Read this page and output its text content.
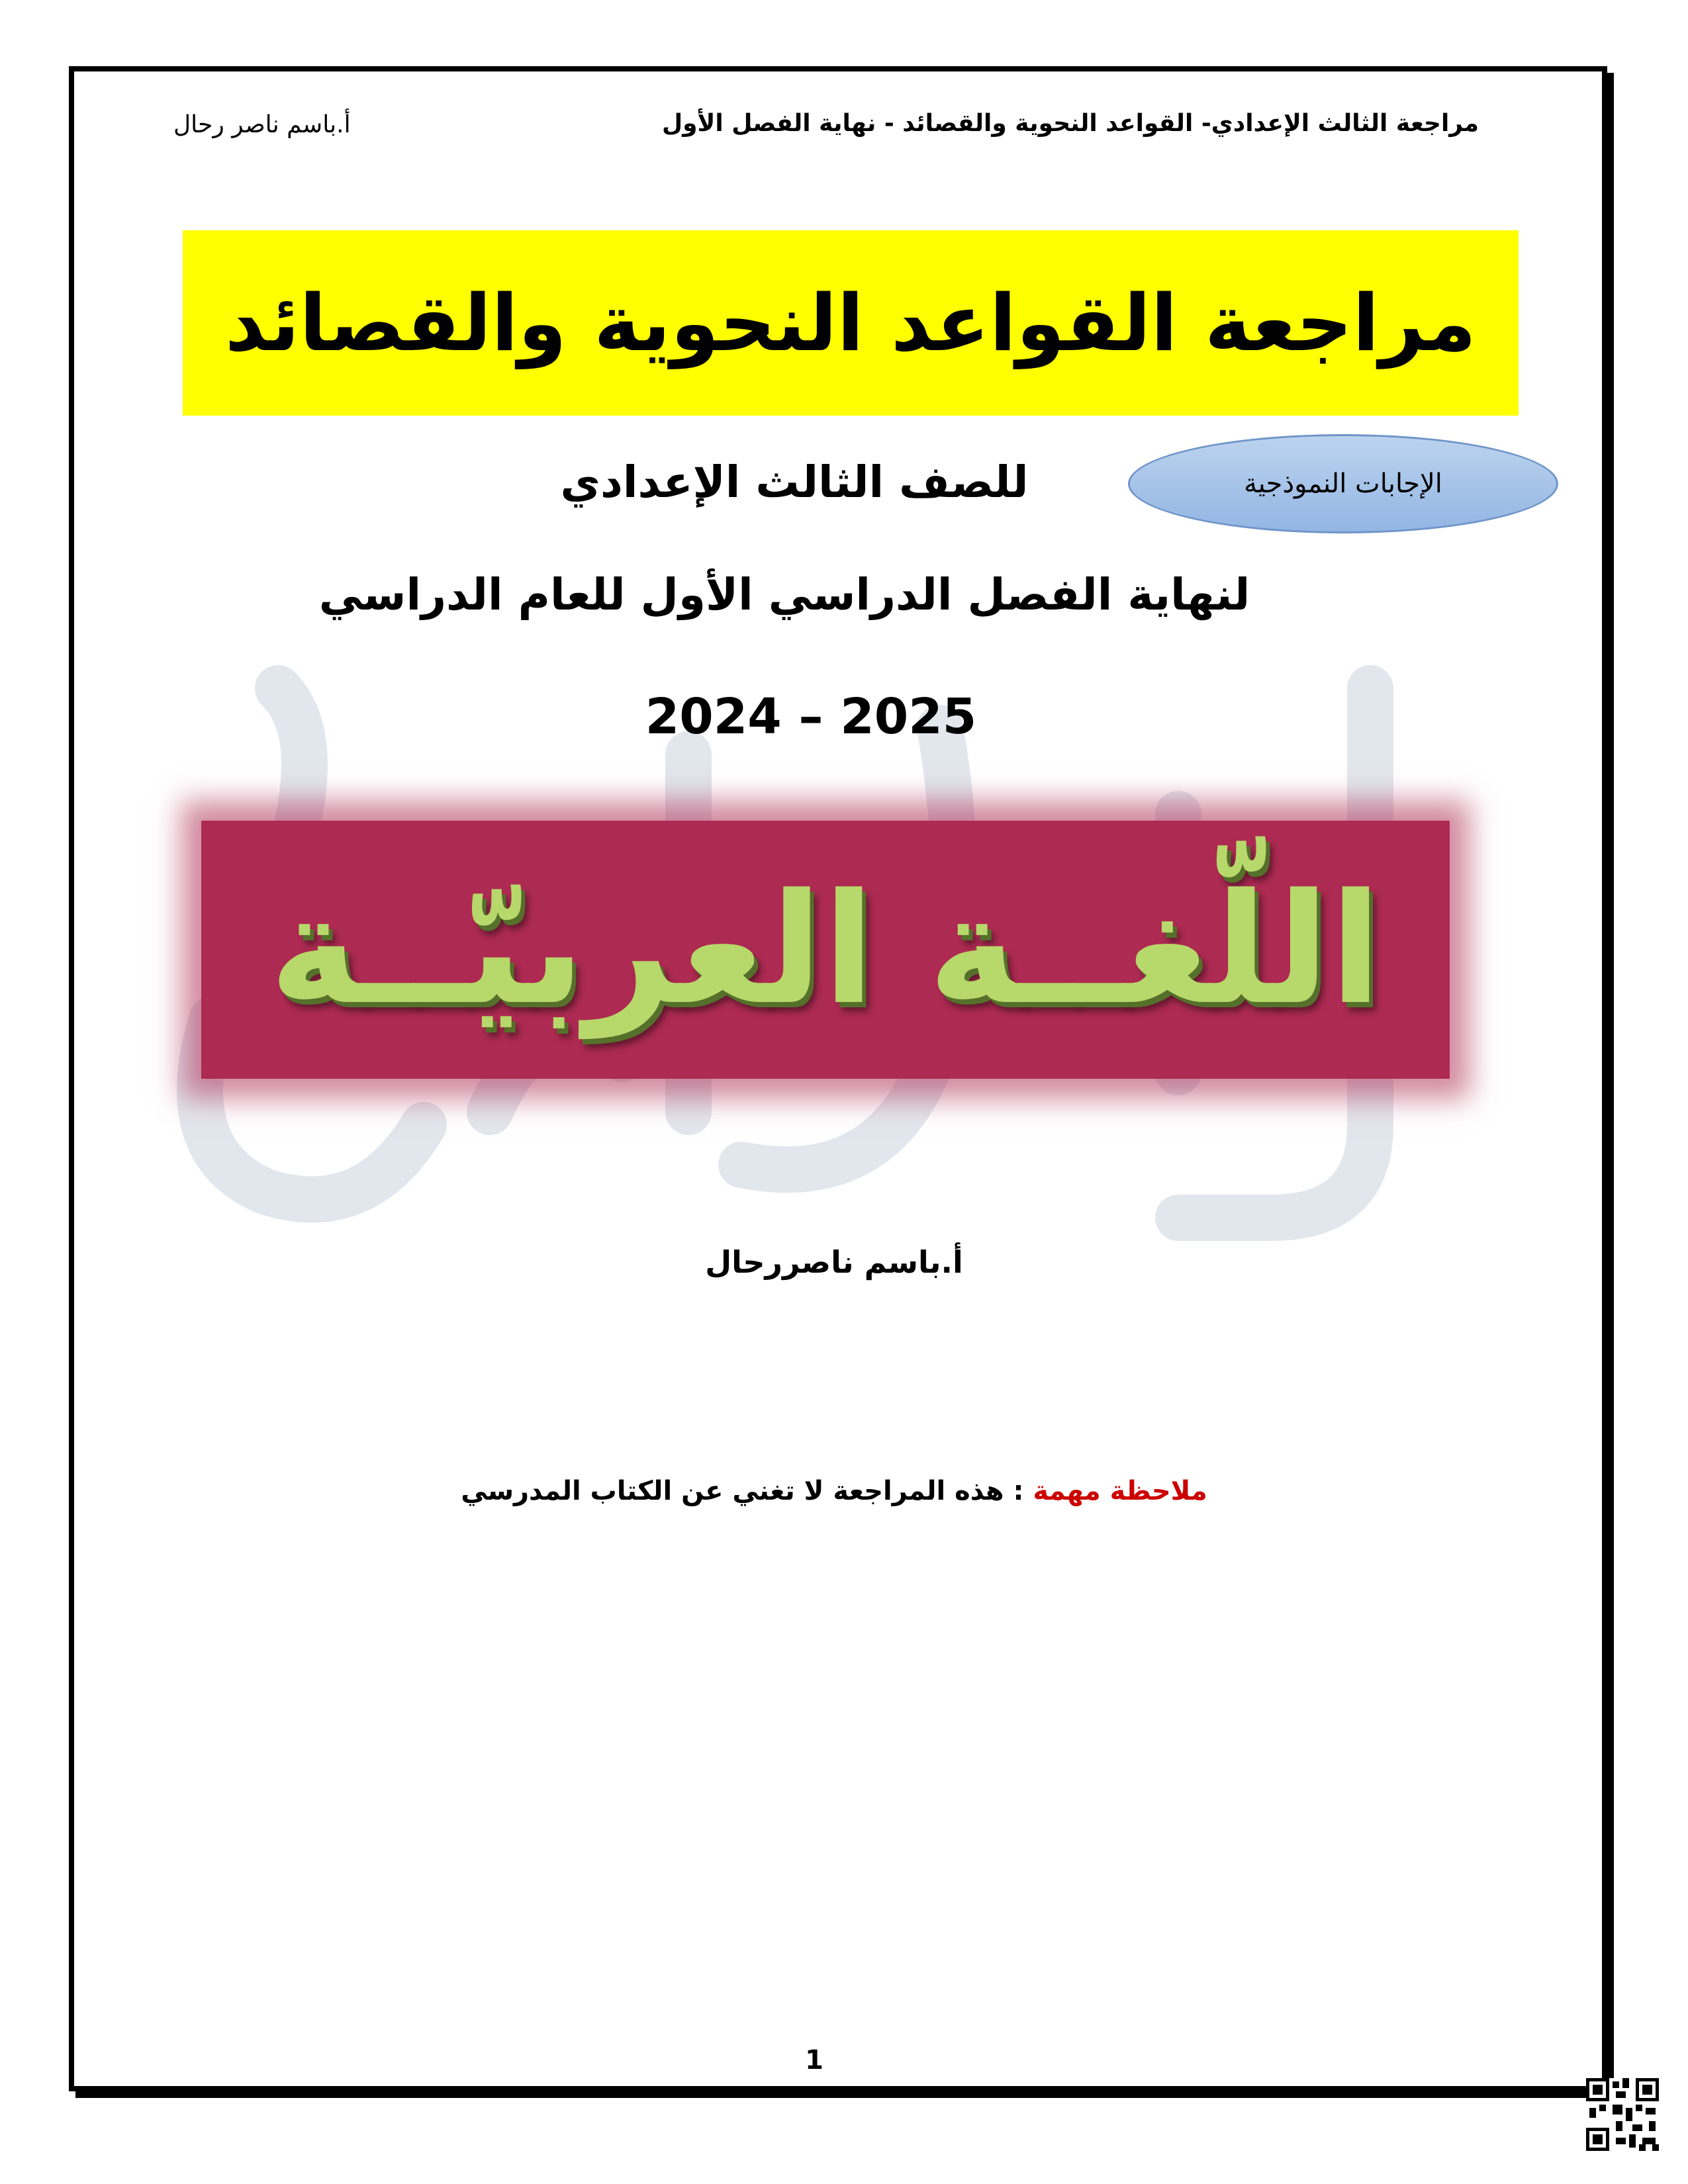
أ.باسم ناصر رحال	مراجعة الثالث الإعدادي- القواعد النحوية والقصائد - نهاية الفصل الأول
مراجعة القواعد النحوية والقصائد
الإجابات النموذجية
للصف الثالث الإعدادي
لنهاية الفصل الدراسي الأول للعام الدراسي
2024 – 2025
اللّغــة العربيّــة
أ.باسم ناصررحال
ملاحظة مهمة : هذه المراجعة لا تغني عن الكتاب المدرسي
1
